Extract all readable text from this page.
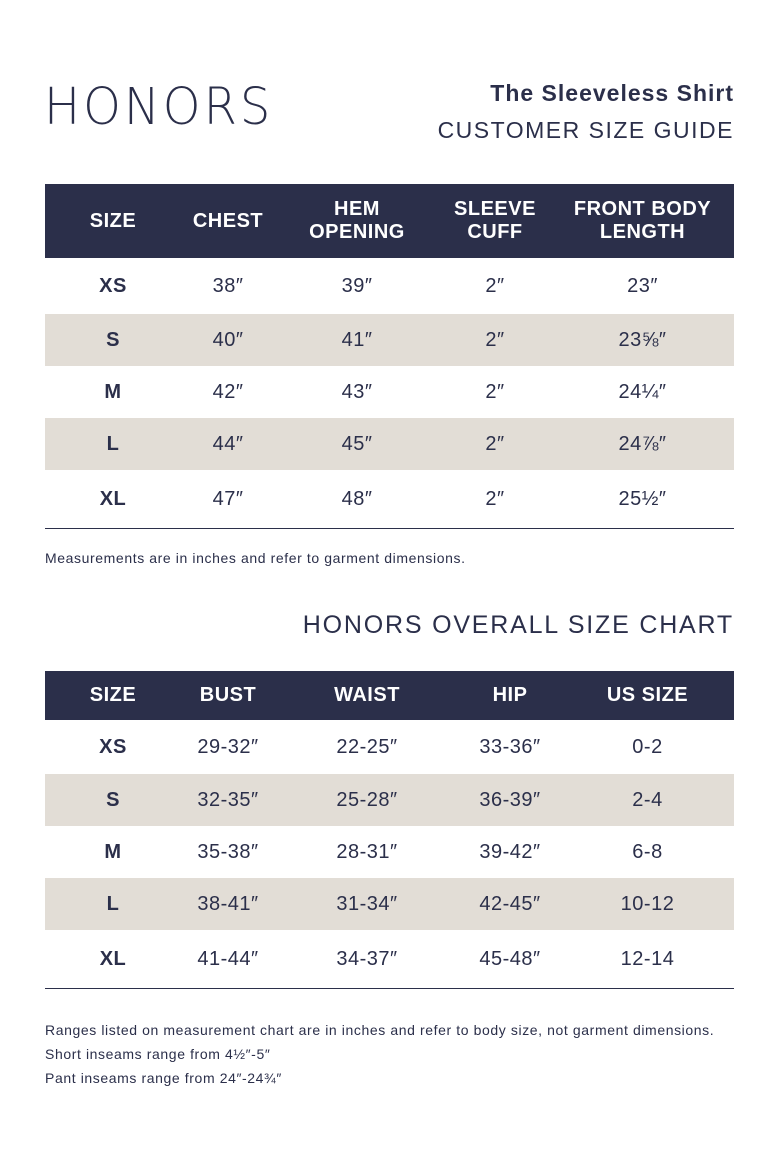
HONORS	The Sleeveless Shirt
CUSTOMER SIZE GUIDE
SIZE	CHEST	HEM OPENING	SLEEVE CUFF	FRONT BODY LENGTH
XS	38″	39″	2″	23″
S	40″	41″	2″	23⅝″
M	42″	43″	2″	24¼″
L	44″	45″	2″	24⅞″
XL	47″	48″	2″	25½″
Measurements are in inches and refer to garment dimensions.
HONORS OVERALL SIZE CHART
SIZE	BUST	WAIST	HIP	US SIZE
XS	29-32″	22-25″	33-36″	0-2
S	32-35″	25-28″	36-39″	2-4
M	35-38″	28-31″	39-42″	6-8
L	38-41″	31-34″	42-45″	10-12
XL	41-44″	34-37″	45-48″	12-14
Ranges listed on measurement chart are in inches and refer to body size, not garment dimensions.
Short inseams range from 4½″-5″
Pant inseams range from 24″-24¾″
